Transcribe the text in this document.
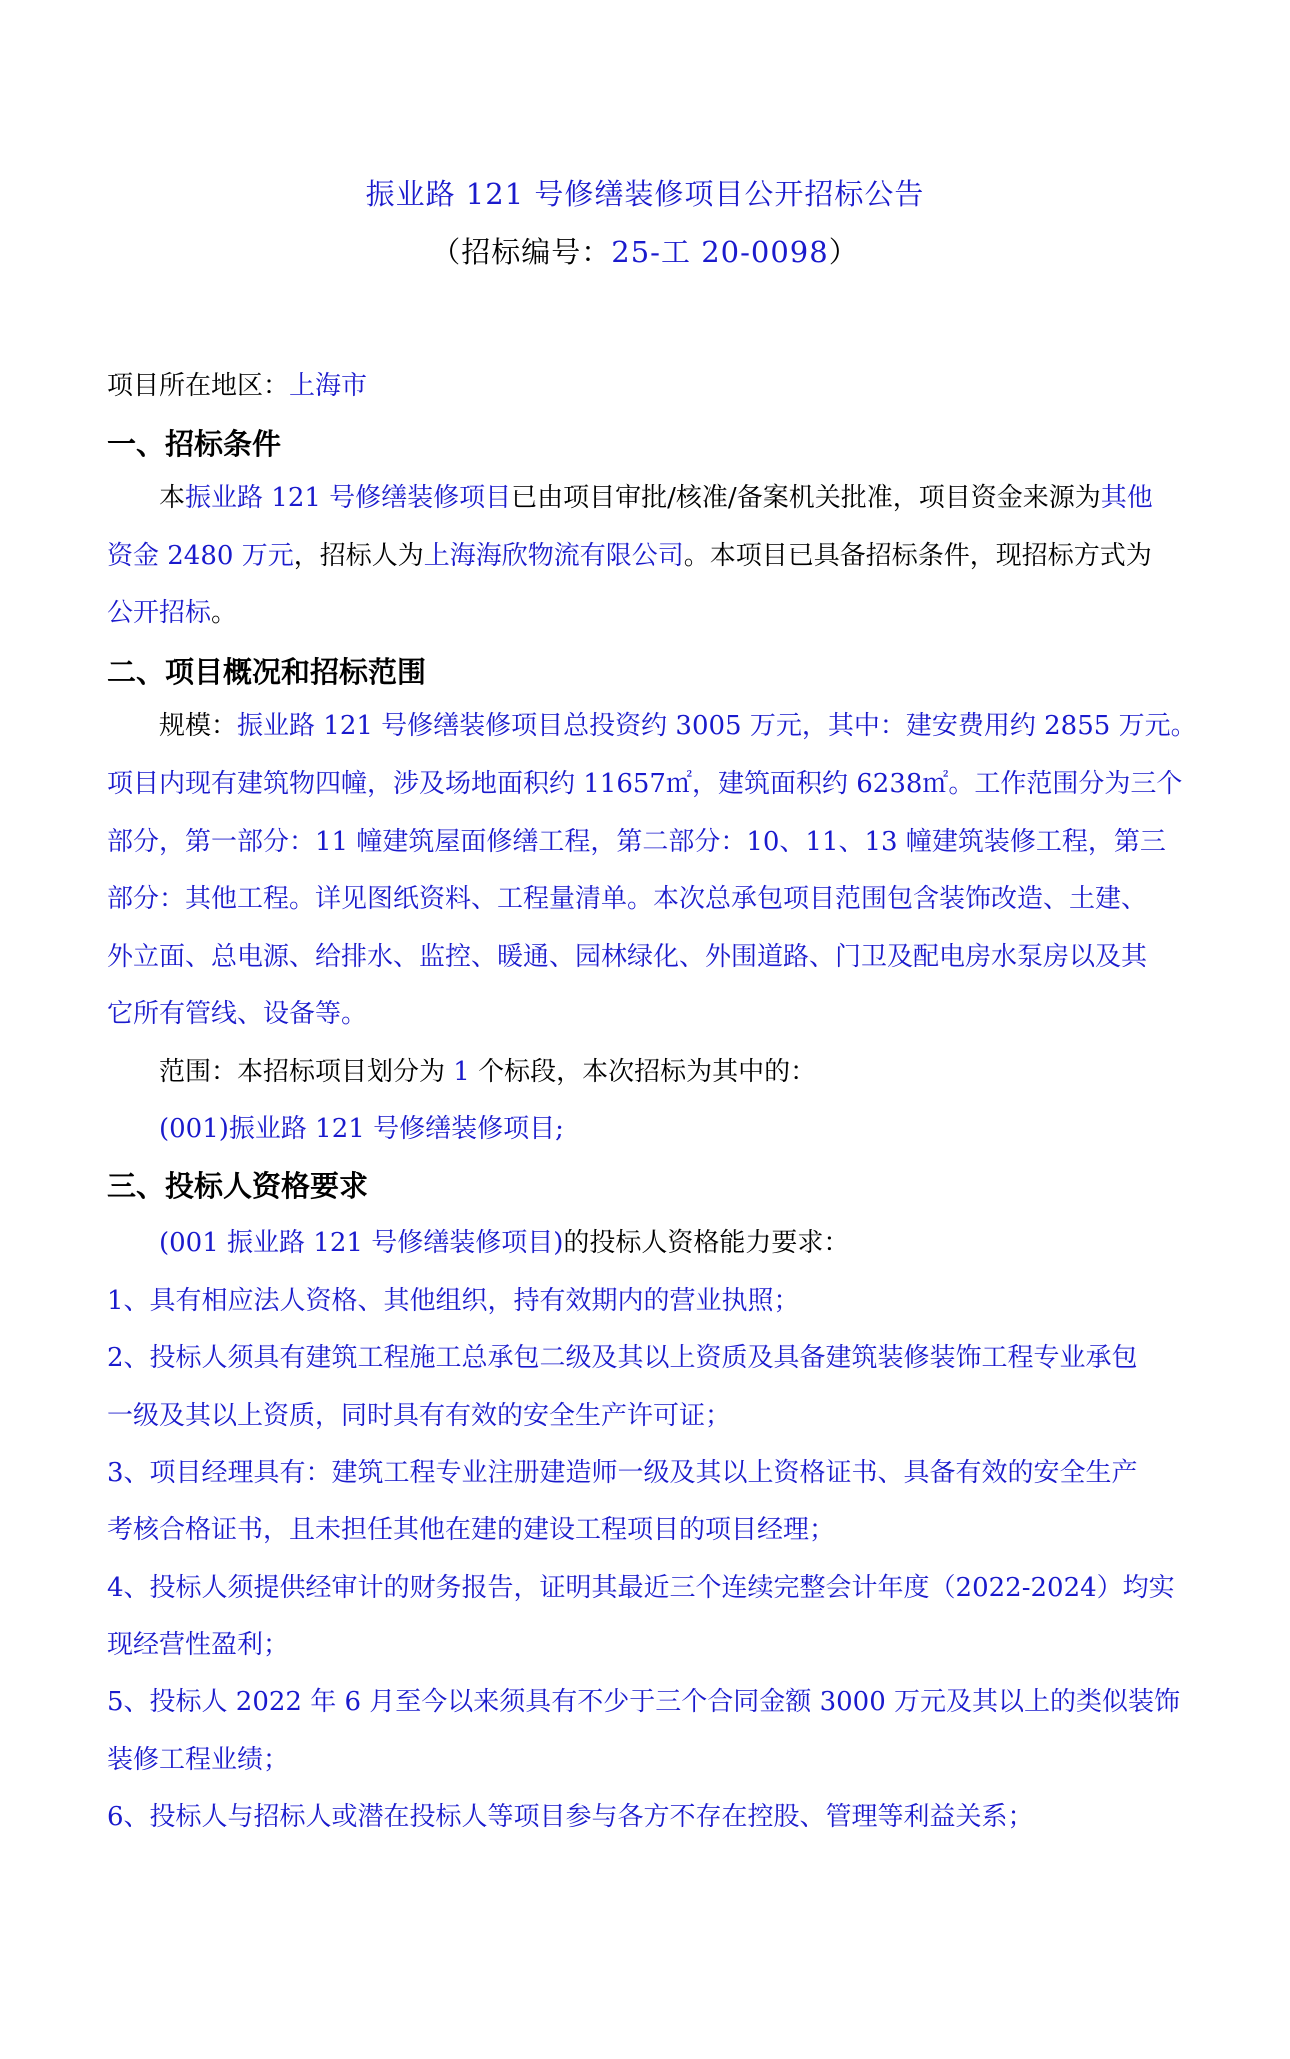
振业路 121 号修缮装修项目公开招标公告
（招标编号：25-工 20-0098）
项目所在地区：上海市
一、招标条件
本振业路 121 号修缮装修项目已由项目审批/核准/备案机关批准，项目资金来源为其他
资金 2480 万元，招标人为上海海欣物流有限公司。本项目已具备招标条件，现招标方式为
公开招标。
二、项目概况和招标范围
规模：振业路 121 号修缮装修项目总投资约 3005 万元，其中：建安费用约 2855 万元。
项目内现有建筑物四幢，涉及场地面积约 11657㎡，建筑面积约 6238㎡。工作范围分为三个
部分，第一部分：11 幢建筑屋面修缮工程，第二部分：10、11、13 幢建筑装修工程，第三
部分：其他工程。详见图纸资料、工程量清单。本次总承包项目范围包含装饰改造、土建、
外立面、总电源、给排水、监控、暖通、园林绿化、外围道路、门卫及配电房水泵房以及其
它所有管线、设备等。
范围：本招标项目划分为 1 个标段，本次招标为其中的：
(001)振业路 121 号修缮装修项目;
三、投标人资格要求
(001 振业路 121 号修缮装修项目)的投标人资格能力要求：
1、具有相应法人资格、其他组织，持有效期内的营业执照；
2、投标人须具有建筑工程施工总承包二级及其以上资质及具备建筑装修装饰工程专业承包
一级及其以上资质，同时具有有效的安全生产许可证；
3、项目经理具有：建筑工程专业注册建造师一级及其以上资格证书、具备有效的安全生产
考核合格证书，且未担任其他在建的建设工程项目的项目经理；
4、投标人须提供经审计的财务报告，证明其最近三个连续完整会计年度（2022-2024）均实
现经营性盈利；
5、投标人 2022 年 6 月至今以来须具有不少于三个合同金额 3000 万元及其以上的类似装饰
装修工程业绩；
6、投标人与招标人或潜在投标人等项目参与各方不存在控股、管理等利益关系；
